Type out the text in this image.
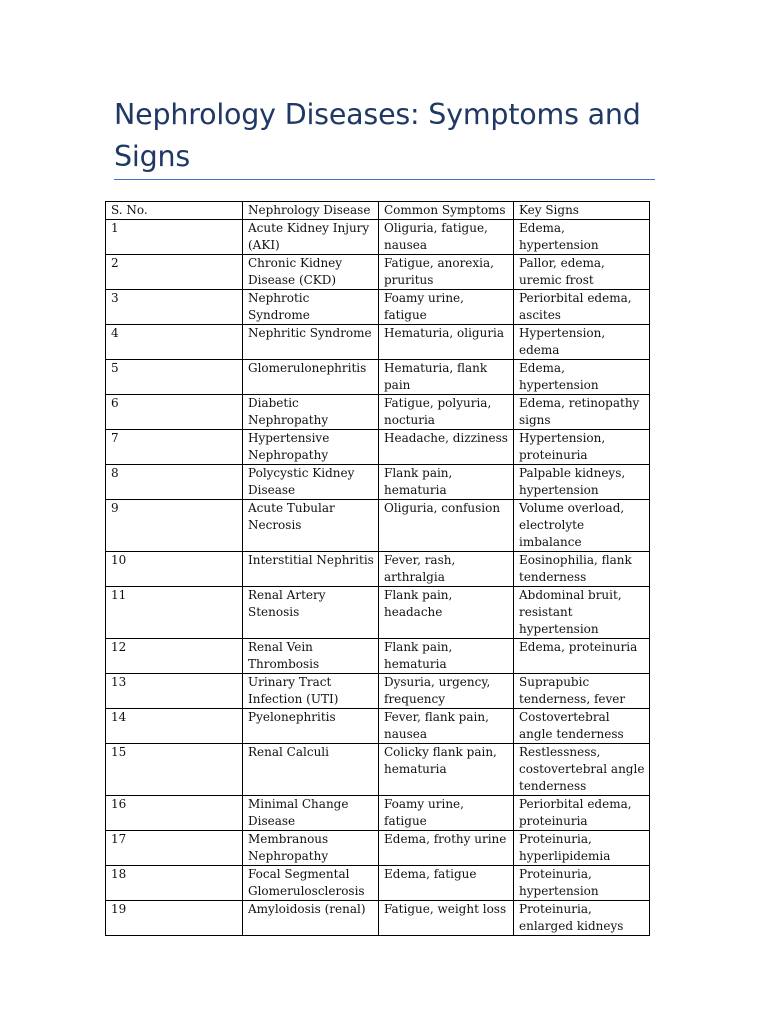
Nephrology Diseases: Symptoms and Signs
S. No.	Nephrology Disease	Common Symptoms	Key Signs
1	Acute Kidney Injury (AKI)	Oliguria, fatigue, nausea	Edema, hypertension
2	Chronic Kidney Disease (CKD)	Fatigue, anorexia, pruritus	Pallor, edema, uremic frost
3	Nephrotic Syndrome	Foamy urine, fatigue	Periorbital edema, ascites
4	Nephritic Syndrome	Hematuria, oliguria	Hypertension, edema
5	Glomerulonephritis	Hematuria, flank pain	Edema, hypertension
6	Diabetic Nephropathy	Fatigue, polyuria, nocturia	Edema, retinopathy signs
7	Hypertensive Nephropathy	Headache, dizziness	Hypertension, proteinuria
8	Polycystic Kidney Disease	Flank pain, hematuria	Palpable kidneys, hypertension
9	Acute Tubular Necrosis	Oliguria, confusion	Volume overload, electrolyte imbalance
10	Interstitial Nephritis	Fever, rash, arthralgia	Eosinophilia, flank tenderness
11	Renal Artery Stenosis	Flank pain, headache	Abdominal bruit, resistant hypertension
12	Renal Vein Thrombosis	Flank pain, hematuria	Edema, proteinuria
13	Urinary Tract Infection (UTI)	Dysuria, urgency, frequency	Suprapubic tenderness, fever
14	Pyelonephritis	Fever, flank pain, nausea	Costovertebral angle tenderness
15	Renal Calculi	Colicky flank pain, hematuria	Restlessness, costovertebral angle tenderness
16	Minimal Change Disease	Foamy urine, fatigue	Periorbital edema, proteinuria
17	Membranous Nephropathy	Edema, frothy urine	Proteinuria, hyperlipidemia
18	Focal Segmental Glomerulosclerosis	Edema, fatigue	Proteinuria, hypertension
19	Amyloidosis (renal)	Fatigue, weight loss	Proteinuria, enlarged kidneys
